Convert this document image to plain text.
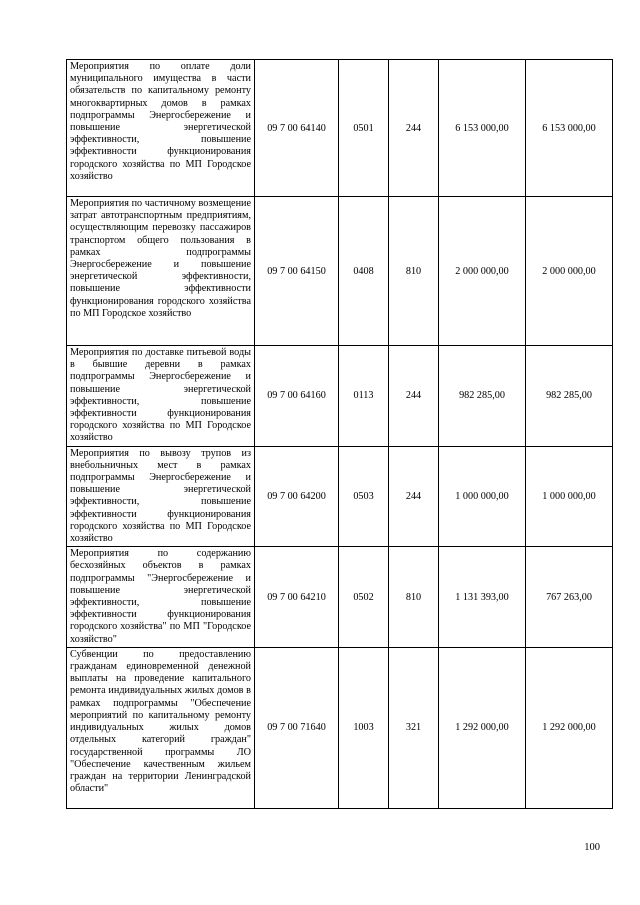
Мероприятия по оплате доли муниципального имущества в части обязательств по капитальному ремонту многоквартирных домов в рамках подпрограммы Энергосбережение и повышение энергетической эффективности, повышение эффективности функционирования городского хозяйства по МП Городское хозяйство	09 7 00 64140	0501	244	6 153 000,00	6 153 000,00
Мероприятия по частичному возмещение затрат автотранспортным предприятиям, осуществляющим перевозку пассажиров транспортом общего пользования в рамках подпрограммы Энергосбережение и повышение энергетической эффективности, повышение эффективности функционирования городского хозяйства по МП Городское хозяйство	09 7 00 64150	0408	810	2 000 000,00	2 000 000,00
Мероприятия по доставке питьевой воды в бывшие деревни в рамках подпрограммы Энергосбережение и повышение энергетической эффективности, повышение эффективности функционирования городского хозяйства по МП Городское хозяйство	09 7 00 64160	0113	244	982 285,00	982 285,00
Мероприятия по вывозу трупов из внебольничных мест в рамках подпрограммы Энергосбережение и повышение энергетической эффективности, повышение эффективности функционирования городского хозяйства по МП Городское хозяйство	09 7 00 64200	0503	244	1 000 000,00	1 000 000,00
Мероприятия по содержанию бесхозяйных объектов в рамках подпрограммы "Энергосбережение и повышение энергетической эффективности, повышение эффективности функционирования городского хозяйства" по МП "Городское хозяйство"	09 7 00 64210	0502	810	1 131 393,00	767 263,00
Субвенции по предоставлению гражданам единовременной денежной выплаты на проведение капитального ремонта индивидуальных жилых домов в рамках подпрограммы "Обеспечение мероприятий по капитальному ремонту индивидуальных жилых домов отдельных категорий граждан" государственной программы ЛО "Обеспечение качественным жильем граждан на территории Ленинградской области"	09 7 00 71640	1003	321	1 292 000,00	1 292 000,00
100
